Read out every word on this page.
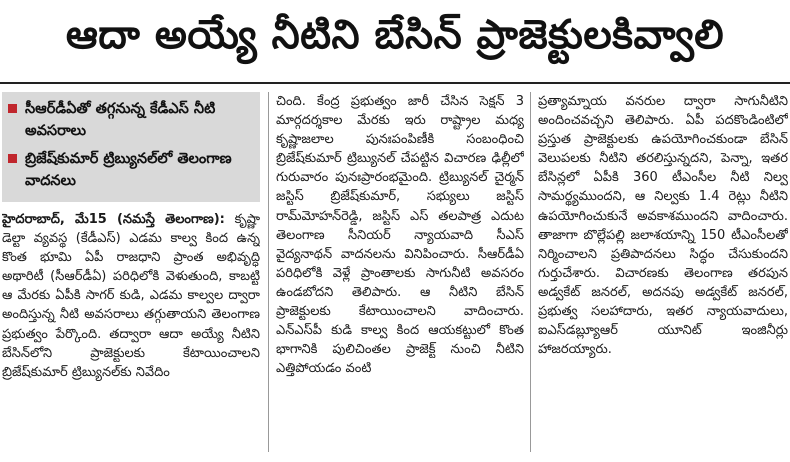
ఆదా అయ్యే నీటిని బేసిన్ ప్రాజెక్టులకివ్వాలి
సీఆర్‌డీఏతో తగ్గనున్న కేడీఎస్ నీటి అవసరాలు
బ్రిజేష్‌కుమార్ ట్రిబ్యునల్‌లో తెలంగాణ వాదనలు

హైదరాబాద్, మే15 (నమస్తే తెలంగాణ): కృష్ణా డెల్టా వ్యవస్థ (కేడీఎస్) ఎడమ కాల్వ కింద ఉన్న కొంత భూమి ఏపీ రాజధాని ప్రాంత అభివృద్ధి అథారిటీ (సీఆర్‌డీఏ) పరిధిలోకి వెళుతుంది, కాబట్టి ఆ మేరకు ఏపీకి సాగర్ కుడి, ఎడమ కాల్వల ద్వారా అందిస్తున్న నీటి అవసరాలు తగ్గుతాయని తెలంగాణ ప్రభుత్వం పేర్కొంది. తద్వారా ఆదా అయ్యే నీటిని బేసిన్‌లోని ప్రాజెక్టులకు కేటాయించాలని బ్రిజేష్‌కుమార్ ట్రిబ్యునల్‌కు నివేదిం

చింది. కేంద్ర ప్రభుత్వం జారీ చేసిన సెక్షన్ 3 మార్గదర్శకాల మేరకు ఇరు రాష్ట్రాల మధ్య కృష్ణాజలాల పునఃపంపిణీకి సంబంధించి బ్రిజేష్‌కుమార్ ట్రిబ్యునల్ చేపట్టిన విచారణ ఢిల్లీలో గురువారం పునఃప్రారంభమైంది. ట్రిబ్యునల్ చైర్మన్ జస్టిస్ బ్రిజేష్‌కుమార్, సభ్యులు జస్టిస్ రామ్‌మోహన్‌రెడ్డి, జస్టిస్ ఎస్ తలపాత్ర ఎదుట తెలంగాణ సీనియర్ న్యాయవాది సీఎస్ వైద్యనాథన్ వాదనలను వినిపించారు. సీఆర్‌డీఏ పరిధిలోకి వెళ్లే ప్రాంతాలకు సాగునీటి అవసరం ఉండబోదని తెలిపారు. ఆ నీటిని బేసిన్ ప్రాజెక్టులకు కేటాయించాలని వాదించారు. ఎన్‌ఎస్‌పీ కుడి కాల్వ కింద ఆయకట్టులో కొంత భాగానికి పులిచింతల ప్రాజెక్ట్ నుంచి నీటిని ఎత్తిపోయడం వంటి

ప్రత్యామ్నాయ వనరుల ద్వారా సాగునీటిని అందించవచ్చని తెలిపారు. ఏపీ పదకొండింటిలో ప్రస్తుత ప్రాజెక్టులకు ఉపయోగించకుండా బేసిన్ వెలుపలకు నీటిని తరలిస్తున్నదని, పెన్నా, ఇతర బేసిన్లలో ఏపీకి 360 టీఎంసీల నీటి నిల్వ సామర్థ్యముందని, ఆ నిల్వకు 1.4 రెట్లు నీటిని ఉపయోగించుకునే అవకాశముందని వాదించారు. తాజాగా బొల్లేపల్లి జలాశయాన్ని 150 టీఎంసీలతో నిర్మించాలని ప్రతిపాదనలు సిద్ధం చేసుకుందని గుర్తుచేశారు. విచారణకు తెలంగాణ తరపున అడ్వకేట్ జనరల్, అదనపు అడ్వకేట్ జనరల్, ప్రభుత్వ సలహాదారు, ఇతర న్యాయవాదులు, ఐఎస్‌డబ్ల్యూఆర్ యూనిట్ ఇంజినీర్లు హాజరయ్యారు.
